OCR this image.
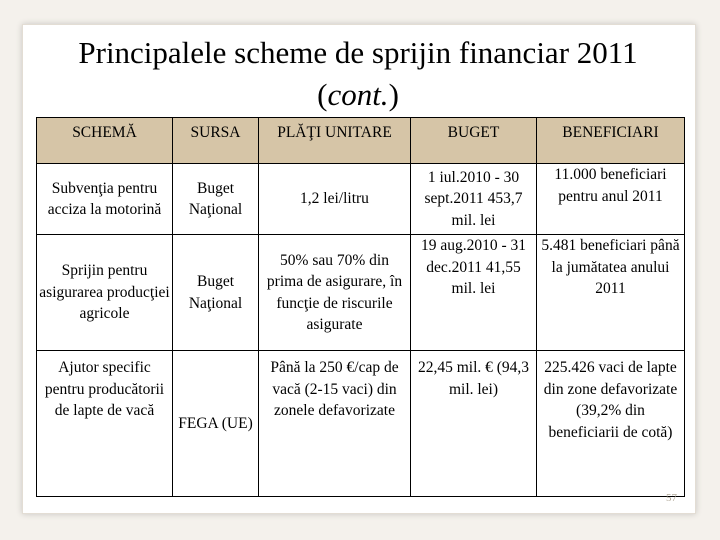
Principalele scheme de sprijin financiar 2011
(cont.)
SCHEMĂ	SURSA	PLĂŢI UNITARE	BUGET	BENEFICIARI
Subvenţia pentru acciza la motorină	Buget Naţional	1,2 lei/litru	1 iul.2010 - 30 sept.2011 453,7 mil. lei	11.000 beneficiari pentru anul 2011
Sprijin pentru asigurarea producţiei agricole	Buget Naţional	50% sau 70% din prima de asigurare, în funcţie de riscurile asigurate	19 aug.2010 - 31 dec.2011 41,55 mil. lei	5.481 beneficiari până la jumătatea anului 2011
Ajutor specific pentru producătorii de lapte de vacă	FEGA (UE)	Până la 250 €/cap de vacă (2-15 vaci) din zonele defavorizate	22,45 mil. € (94,3 mil. lei)	225.426 vaci de lapte din zone defavorizate (39,2% din beneficiarii de cotă)
57
